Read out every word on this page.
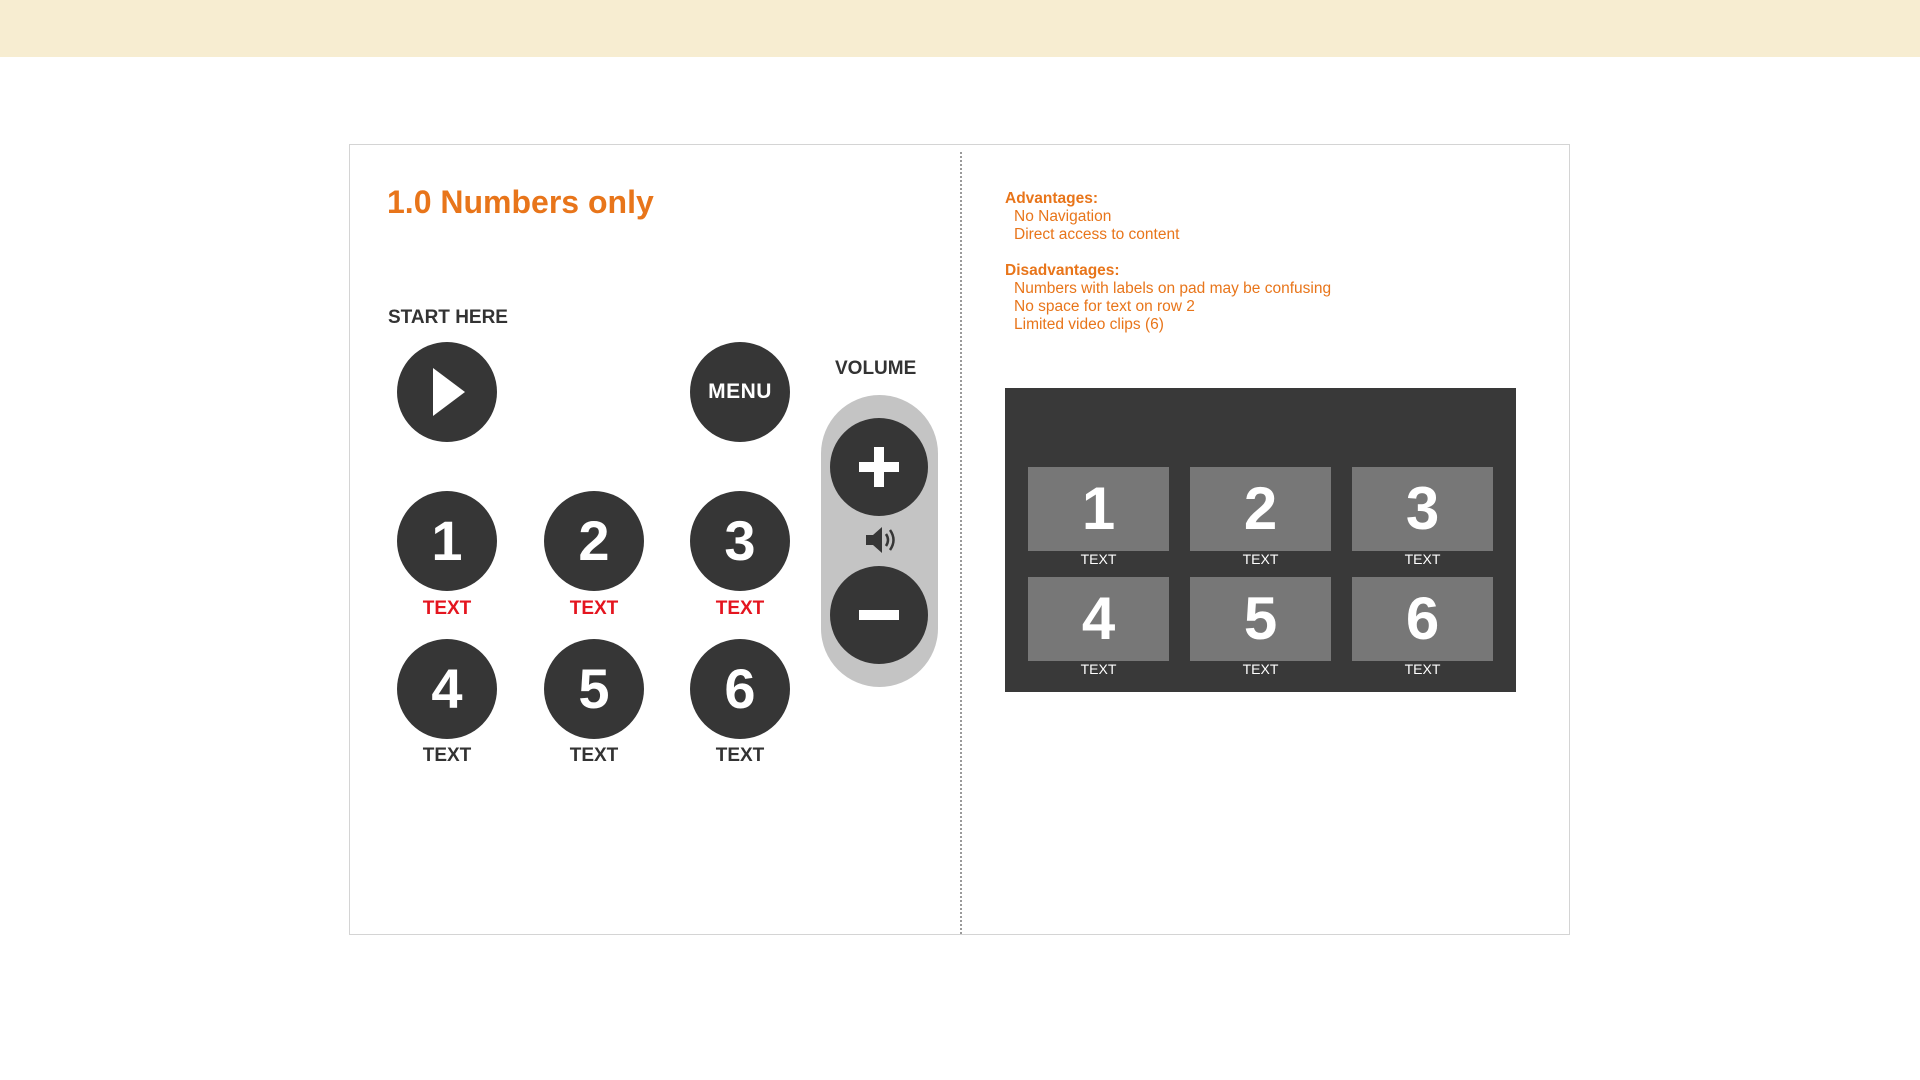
1.0 Numbers only
START HERE
MENU
1	2	3
4	5	6
TEXT	TEXT	TEXT
TEXT	TEXT	TEXT
VOLUME
Advantages:
No Navigation
Direct access to content
Disadvantages:
Numbers with labels on pad may be confusing
No space for text on row 2
Limited video clips (6)
1	2	3
TEXT	TEXT	TEXT
4	5	6
TEXT	TEXT	TEXT
